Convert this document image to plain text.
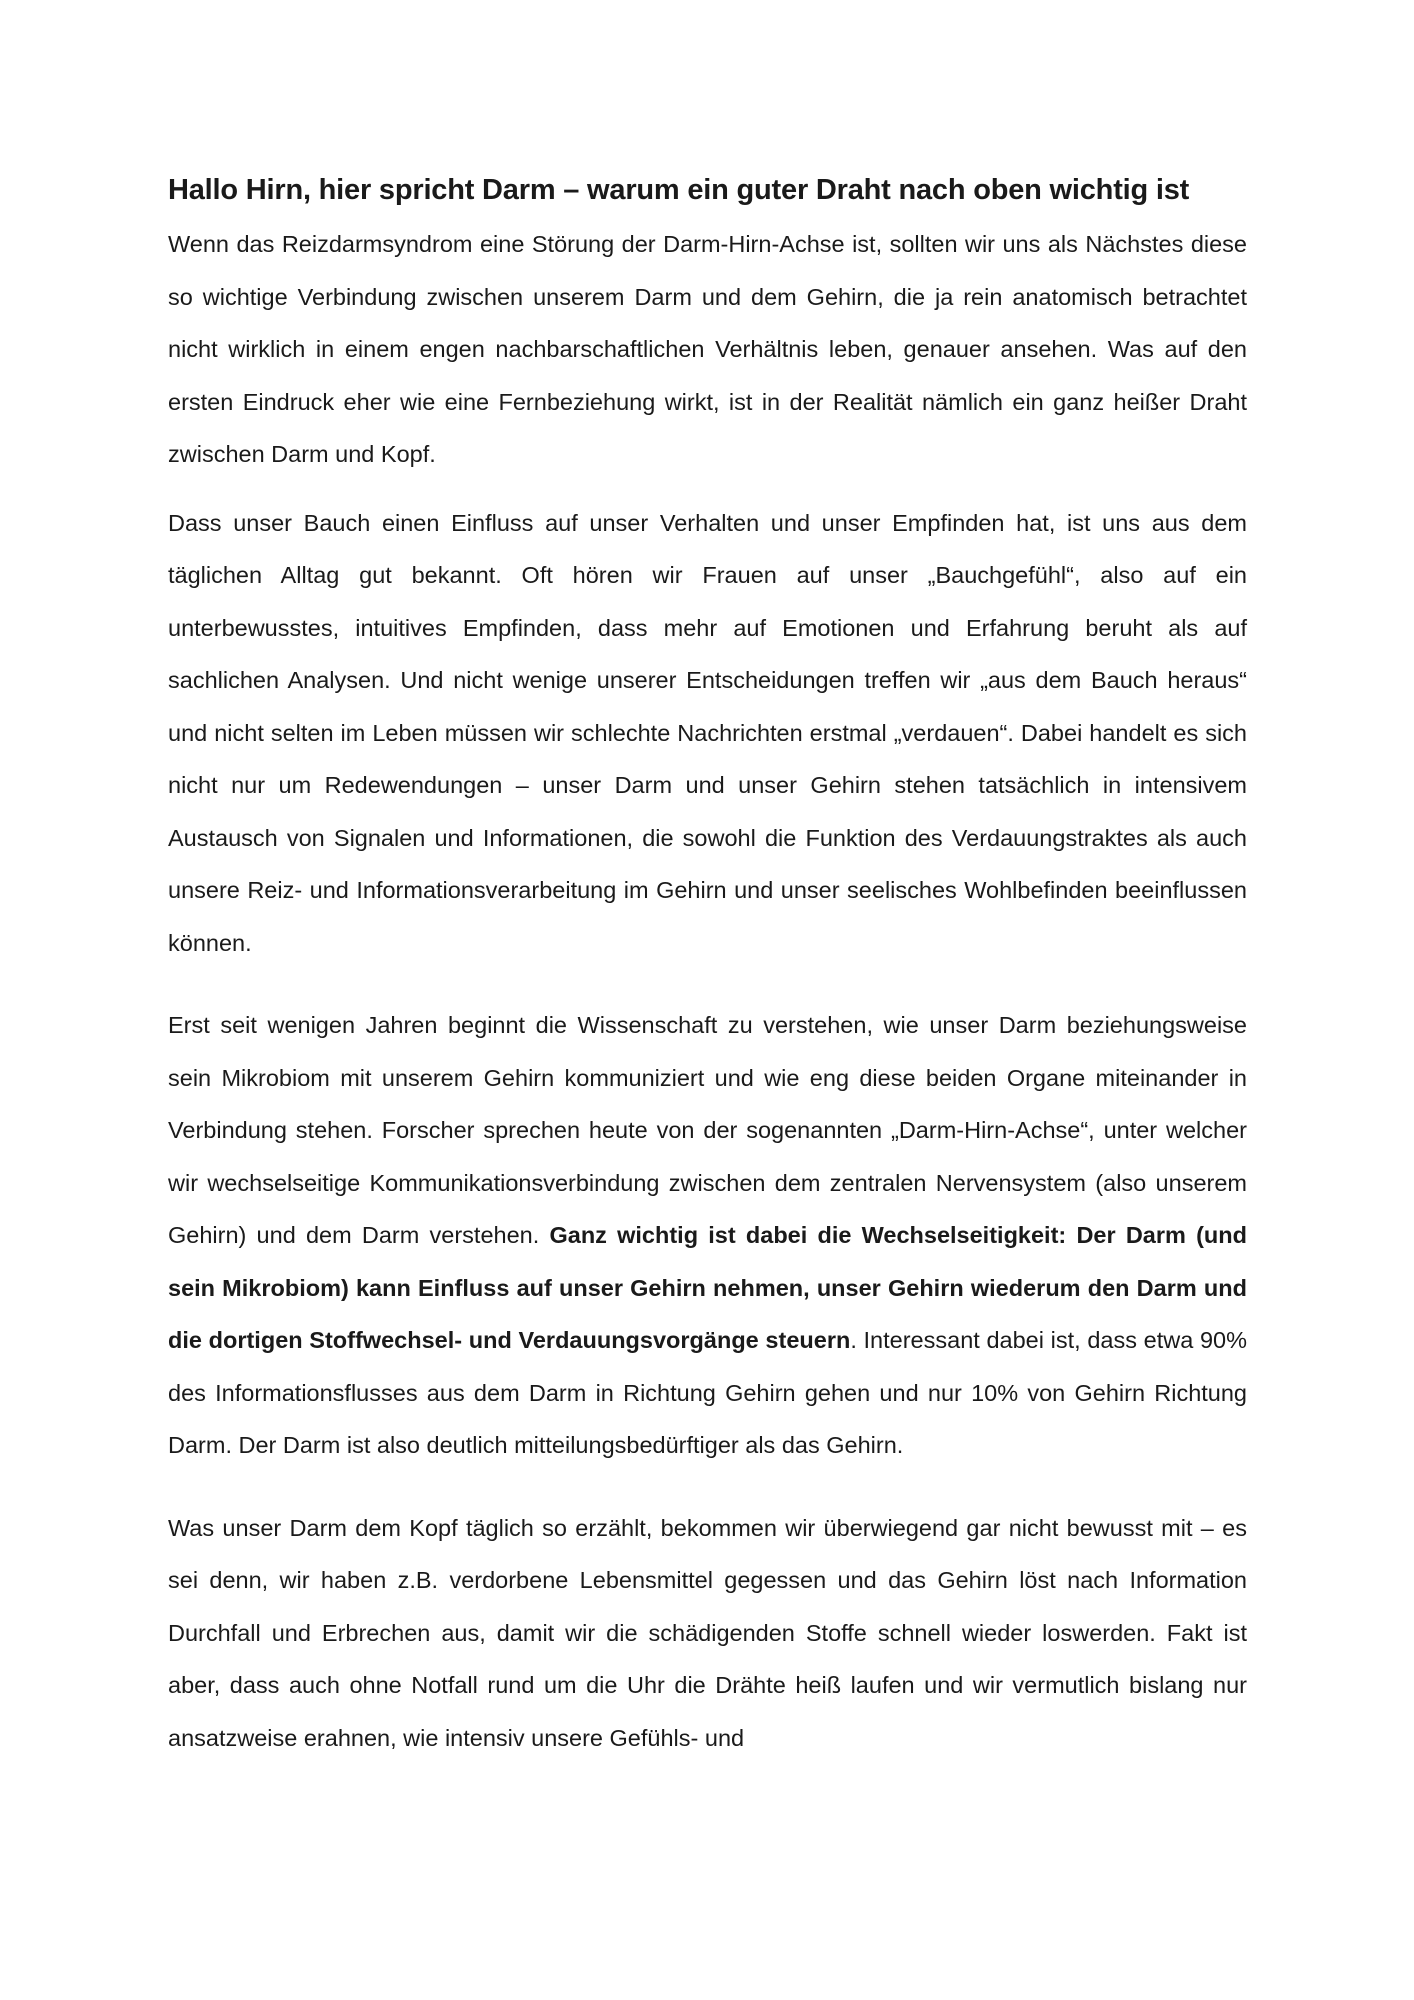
Hallo Hirn, hier spricht Darm – warum ein guter Draht nach oben wichtig ist

Wenn das Reizdarmsyndrom eine Störung der Darm-Hirn-Achse ist, sollten wir uns als Nächstes diese so wichtige Verbindung zwischen unserem Darm und dem Gehirn, die ja rein anatomisch betrachtet nicht wirklich in einem engen nachbarschaftlichen Verhältnis leben, genauer ansehen. Was auf den ersten Eindruck eher wie eine Fernbeziehung wirkt, ist in der Realität nämlich ein ganz heißer Draht zwischen Darm und Kopf.

Dass unser Bauch einen Einfluss auf unser Verhalten und unser Empfinden hat, ist uns aus dem täglichen Alltag gut bekannt. Oft hören wir Frauen auf unser „Bauchgefühl“, also auf ein unterbewusstes, intuitives Empfinden, dass mehr auf Emotionen und Erfahrung beruht als auf sachlichen Analysen. Und nicht wenige unserer Entscheidungen treffen wir „aus dem Bauch heraus“ und nicht selten im Leben müssen wir schlechte Nachrichten erstmal „verdauen“. Dabei handelt es sich nicht nur um Redewendungen – unser Darm und unser Gehirn stehen tatsächlich in intensivem Austausch von Signalen und Informationen, die sowohl die Funktion des Verdauungstraktes als auch unsere Reiz- und Informationsverarbeitung im Gehirn und unser seelisches Wohlbefinden beeinflussen können.

Erst seit wenigen Jahren beginnt die Wissenschaft zu verstehen, wie unser Darm beziehungsweise sein Mikrobiom mit unserem Gehirn kommuniziert und wie eng diese beiden Organe miteinander in Verbindung stehen. Forscher sprechen heute von der sogenannten „Darm-Hirn-Achse“, unter welcher wir wechselseitige Kommunikationsverbindung zwischen dem zentralen Nervensystem (also unserem Gehirn) und dem Darm verstehen. Ganz wichtig ist dabei die Wechselseitigkeit: Der Darm (und sein Mikrobiom) kann Einfluss auf unser Gehirn nehmen, unser Gehirn wiederum den Darm und die dortigen Stoffwechsel- und Verdauungsvorgänge steuern. Interessant dabei ist, dass etwa 90% des Informationsflusses aus dem Darm in Richtung Gehirn gehen und nur 10% von Gehirn Richtung Darm. Der Darm ist also deutlich mitteilungsbedürftiger als das Gehirn.

Was unser Darm dem Kopf täglich so erzählt, bekommen wir überwiegend gar nicht bewusst mit – es sei denn, wir haben z.B. verdorbene Lebensmittel gegessen und das Gehirn löst nach Information Durchfall und Erbrechen aus, damit wir die schädigenden Stoffe schnell wieder loswerden. Fakt ist aber, dass auch ohne Notfall rund um die Uhr die Drähte heiß laufen und wir vermutlich bislang nur ansatzweise erahnen, wie intensiv unsere Gefühls- und
